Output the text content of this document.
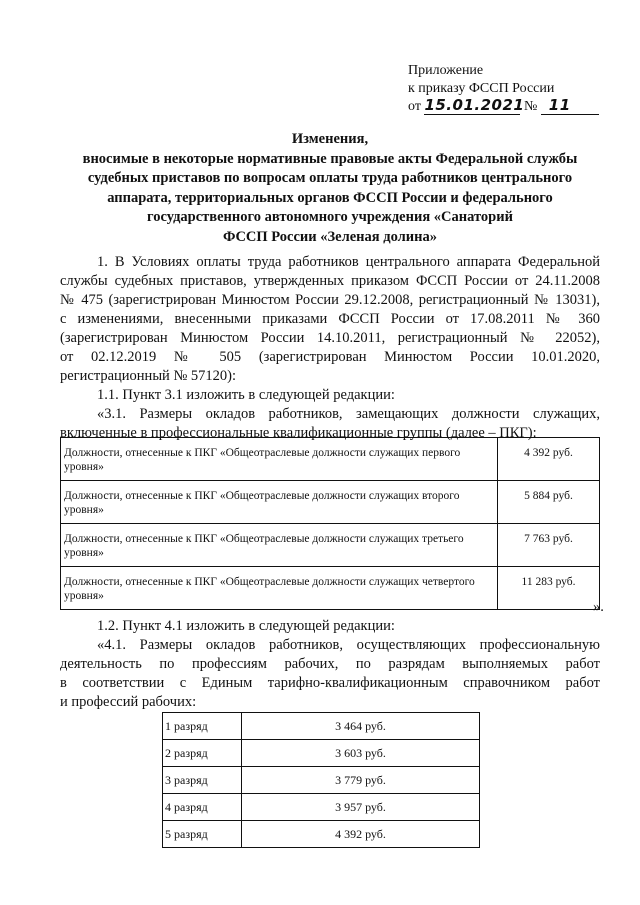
Приложение
к приказу ФССП России
от 15.01.2021 № 11
Изменения,
вносимые в некоторые нормативные правовые акты Федеральной службы
судебных приставов по вопросам оплаты труда работников центрального
аппарата, территориальных органов ФССП России и федерального
государственного автономного учреждения «Санаторий
ФССП России «Зеленая долина»
1. В Условиях оплаты труда работников центрального аппарата Федеральной
службы судебных приставов, утвержденных приказом ФССП России от 24.11.2008
№ 475 (зарегистрирован Минюстом России 29.12.2008, регистрационный № 13031),
с изменениями, внесенными приказами ФССП России от 17.08.2011 № 360
(зарегистрирован Минюстом России 14.10.2011, регистрационный № 22052),
от 02.12.2019 № 505 (зарегистрирован Минюстом России 10.01.2020,
регистрационный № 57120):
1.1. Пункт 3.1 изложить в следующей редакции:
«3.1. Размеры окладов работников, замещающих должности служащих,
включенные в профессиональные квалификационные группы (далее – ПКГ):
Должности, отнесенные к ПКГ «Общеотраслевые должности служащих первого уровня»	4 392 руб.
Должности, отнесенные к ПКГ «Общеотраслевые должности служащих второго уровня»	5 884 руб.
Должности, отнесенные к ПКГ «Общеотраслевые должности служащих третьего уровня»	7 763 руб.
Должности, отнесенные к ПКГ «Общеотраслевые должности служащих четвертого уровня»	11 283 руб.
».
1.2. Пункт 4.1 изложить в следующей редакции:
«4.1. Размеры окладов работников, осуществляющих профессиональную
деятельность по профессиям рабочих, по разрядам выполняемых работ
в соответствии с Единым тарифно-квалификационным справочником работ
и профессий рабочих:
1 разряд	3 464 руб.
2 разряд	3 603 руб.
3 разряд	3 779 руб.
4 разряд	3 957 руб.
5 разряд	4 392 руб.
